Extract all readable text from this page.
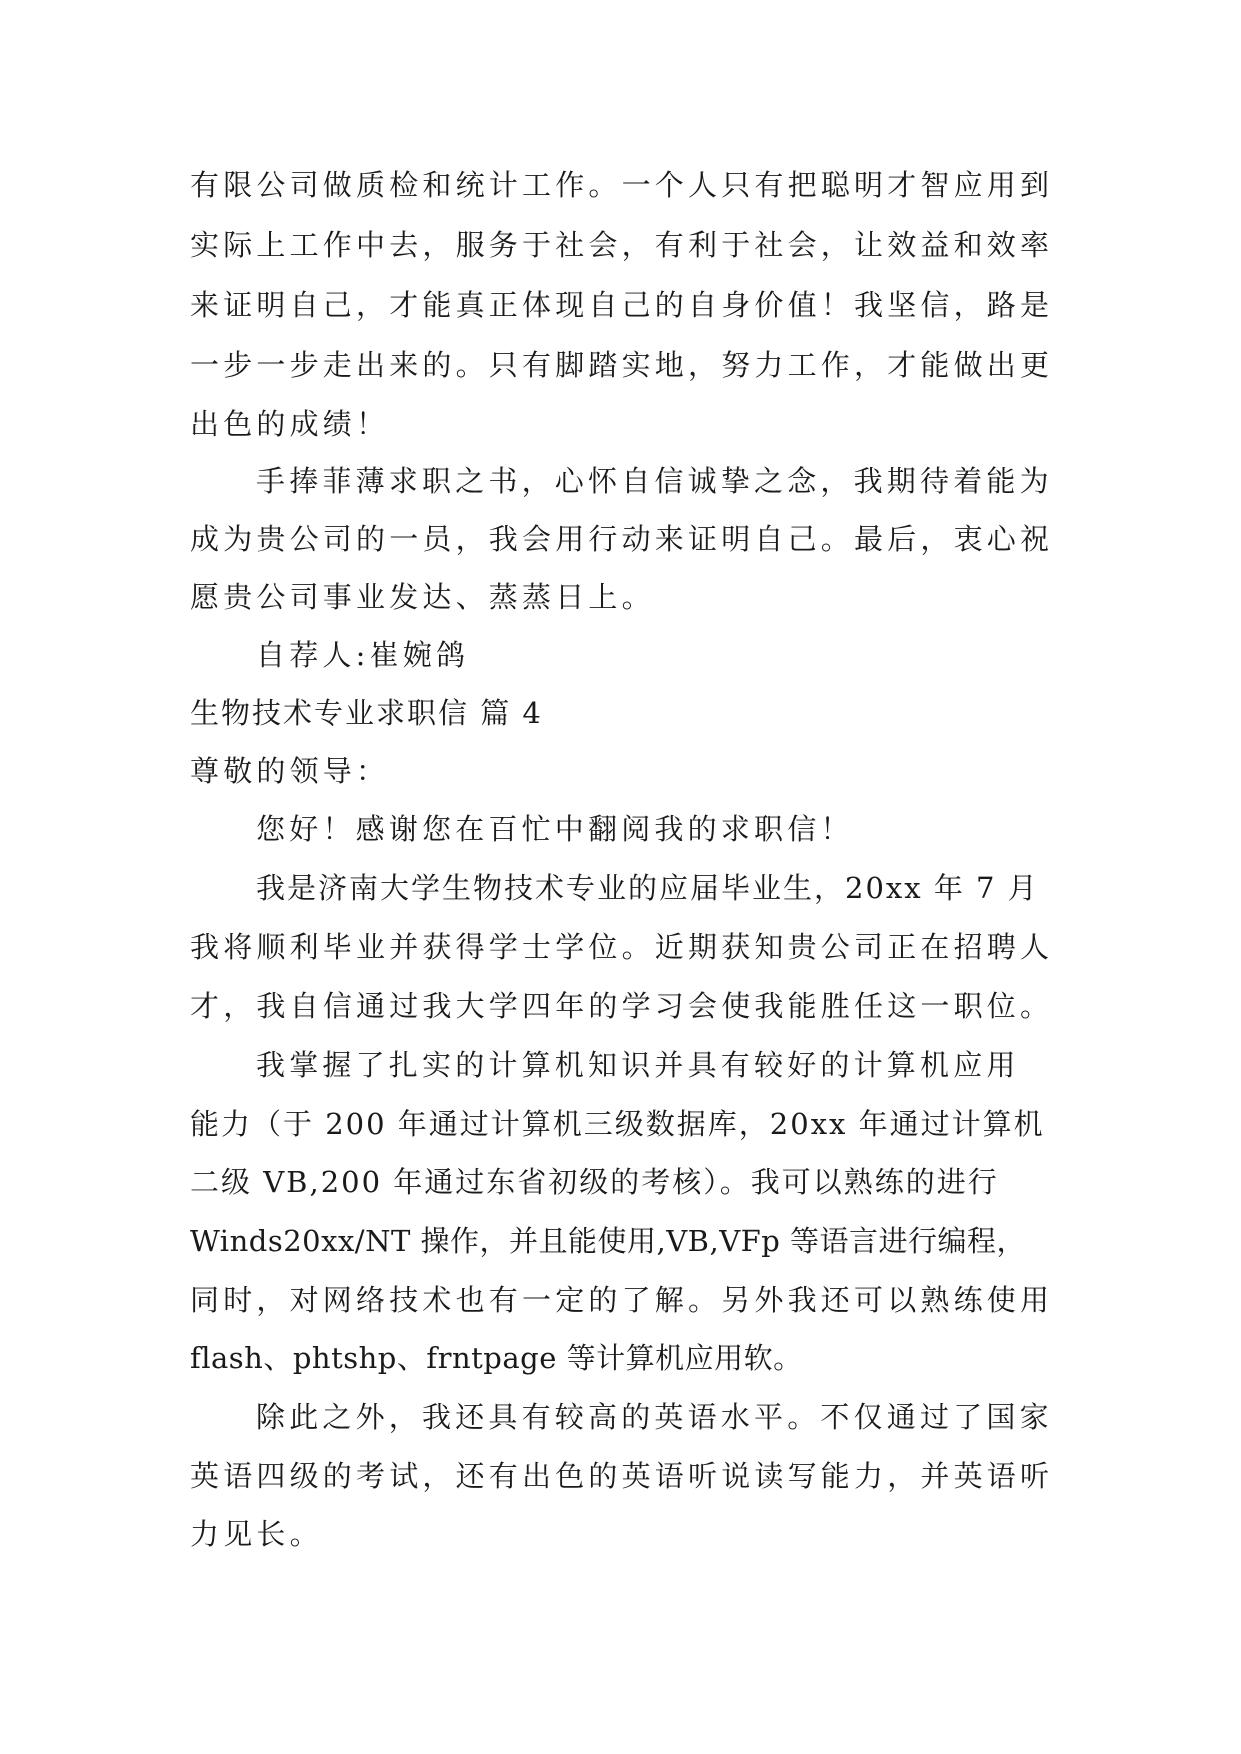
有限公司做质检和统计工作。一个人只有把聪明才智应用到

实际上工作中去，服务于社会，有利于社会，让效益和效率

来证明自己，才能真正体现自己的自身价值！我坚信，路是

一步一步走出来的。只有脚踏实地，努力工作，才能做出更

出色的成绩！

手捧菲薄求职之书，心怀自信诚挚之念，我期待着能为

成为贵公司的一员，我会用行动来证明自己。最后，衷心祝

愿贵公司事业发达、蒸蒸日上。

自荐人:崔婉鸽

生物技术专业求职信 篇 4

尊敬的领导：

您好！感谢您在百忙中翻阅我的求职信！

我是济南大学生物技术专业的应届毕业生，20xx 年 7 月

我将顺利毕业并获得学士学位。近期获知贵公司正在招聘人

才，我自信通过我大学四年的学习会使我能胜任这一职位。

我掌握了扎实的计算机知识并具有较好的计算机应用

能力（于 200 年通过计算机三级数据库，20xx 年通过计算机

二级 VB,200 年通过东省初级的考核）。我可以熟练的进行

Winds20xx/NT 操作，并且能使用,VB,VFp 等语言进行编程，

同时，对网络技术也有一定的了解。另外我还可以熟练使用

flash、phtshp、frntpage 等计算机应用软。

除此之外，我还具有较高的英语水平。不仅通过了国家

英语四级的考试，还有出色的英语听说读写能力，并英语听

力见长。
